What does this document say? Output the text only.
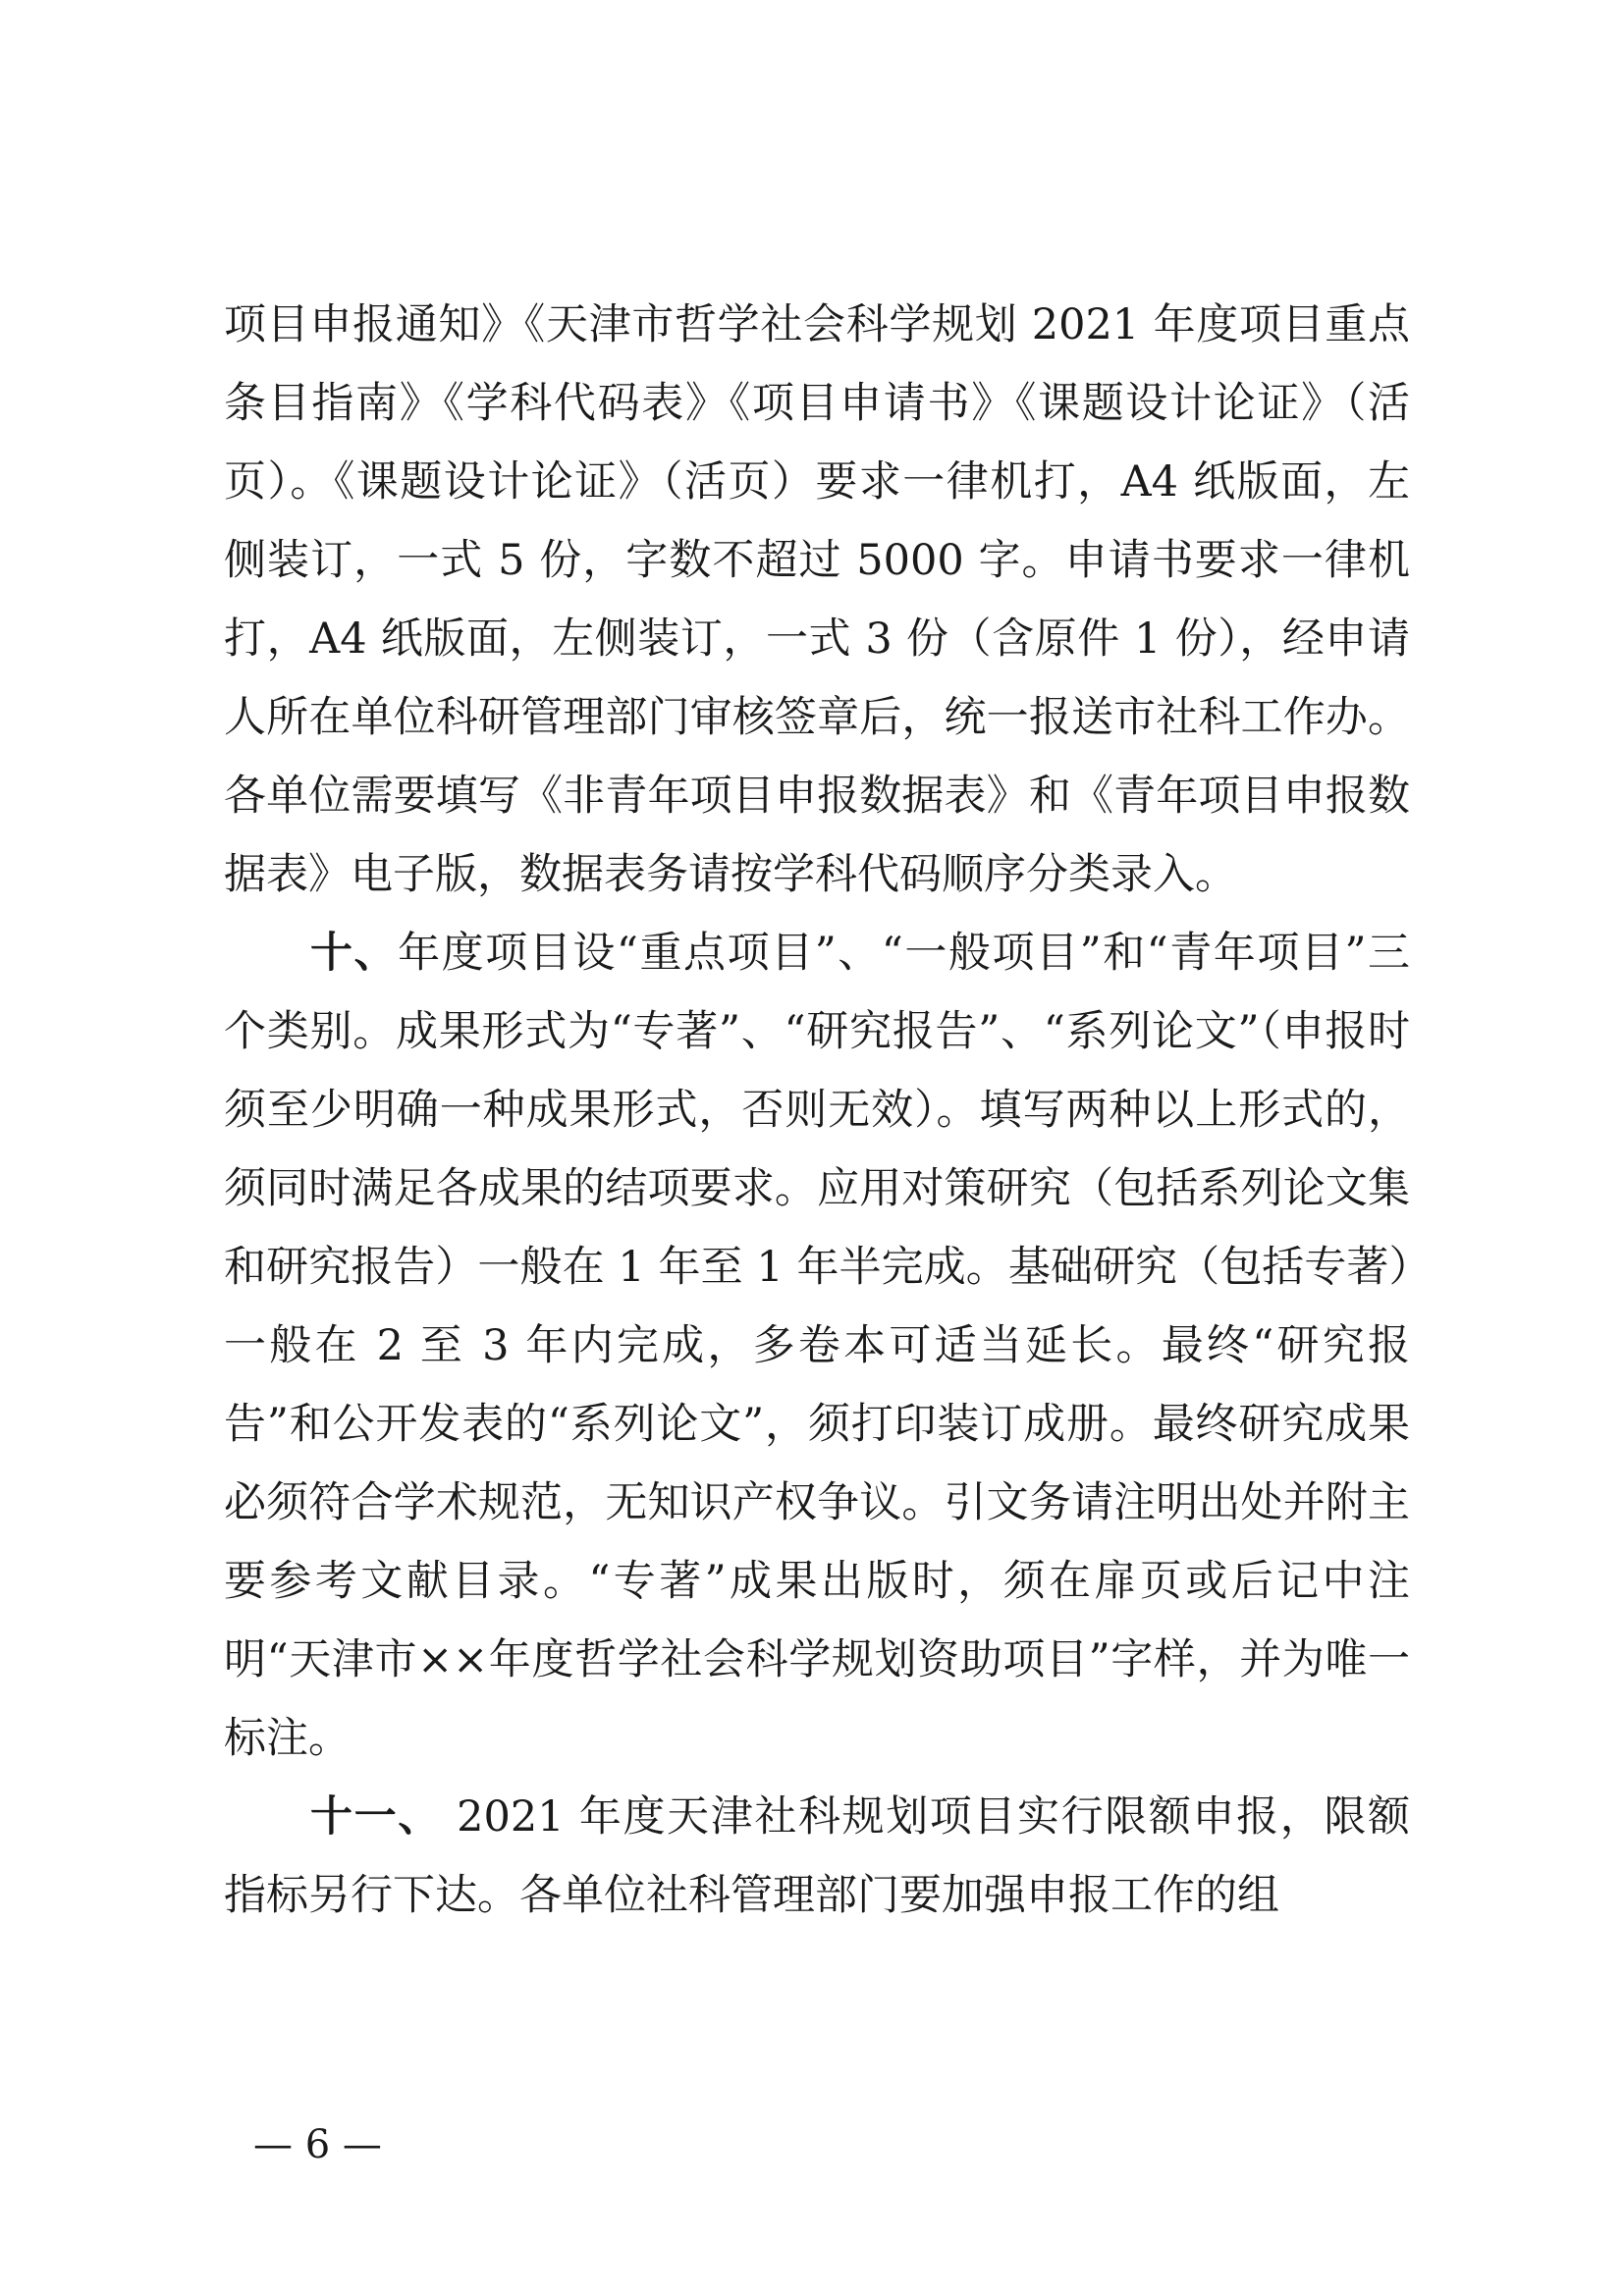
项目申报通知》《天津市哲学社会科学规划 2021 年度项目重点条目指南》《学科代码表》《项目申请书》《课题设计论证》（活页）。《课题设计论证》（活页）要求一律机打，A4 纸版面，左侧装订，一式 5 份，字数不超过 5000 字。申请书要求一律机打，A4 纸版面，左侧装订，一式 3 份（含原件 1 份），经申请人所在单位科研管理部门审核签章后，统一报送市社科工作办。各单位需要填写《非青年项目申报数据表》和《青年项目申报数据表》电子版，数据表务请按学科代码顺序分类录入。

十、年度项目设“重点项目”、“一般项目”和“青年项目”三个类别。成果形式为“专著”、“研究报告”、“系列论文”（申报时须至少明确一种成果形式，否则无效）。填写两种以上形式的，须同时满足各成果的结项要求。应用对策研究（包括系列论文集和研究报告）一般在 1 年至 1 年半完成。基础研究（包括专著）一般在 2 至 3 年内完成，多卷本可适当延长。最终“研究报告”和公开发表的“系列论文”，须打印装订成册。最终研究成果必须符合学术规范，无知识产权争议。引文务请注明出处并附主要参考文献目录。“专著”成果出版时，须在扉页或后记中注明“天津市××年度哲学社会科学规划资助项目”字样，并为唯一标注。

十一、 2021 年度天津社科规划项目实行限额申报，限额指标另行下达。各单位社科管理部门要加强申报工作的组

— 6 —
